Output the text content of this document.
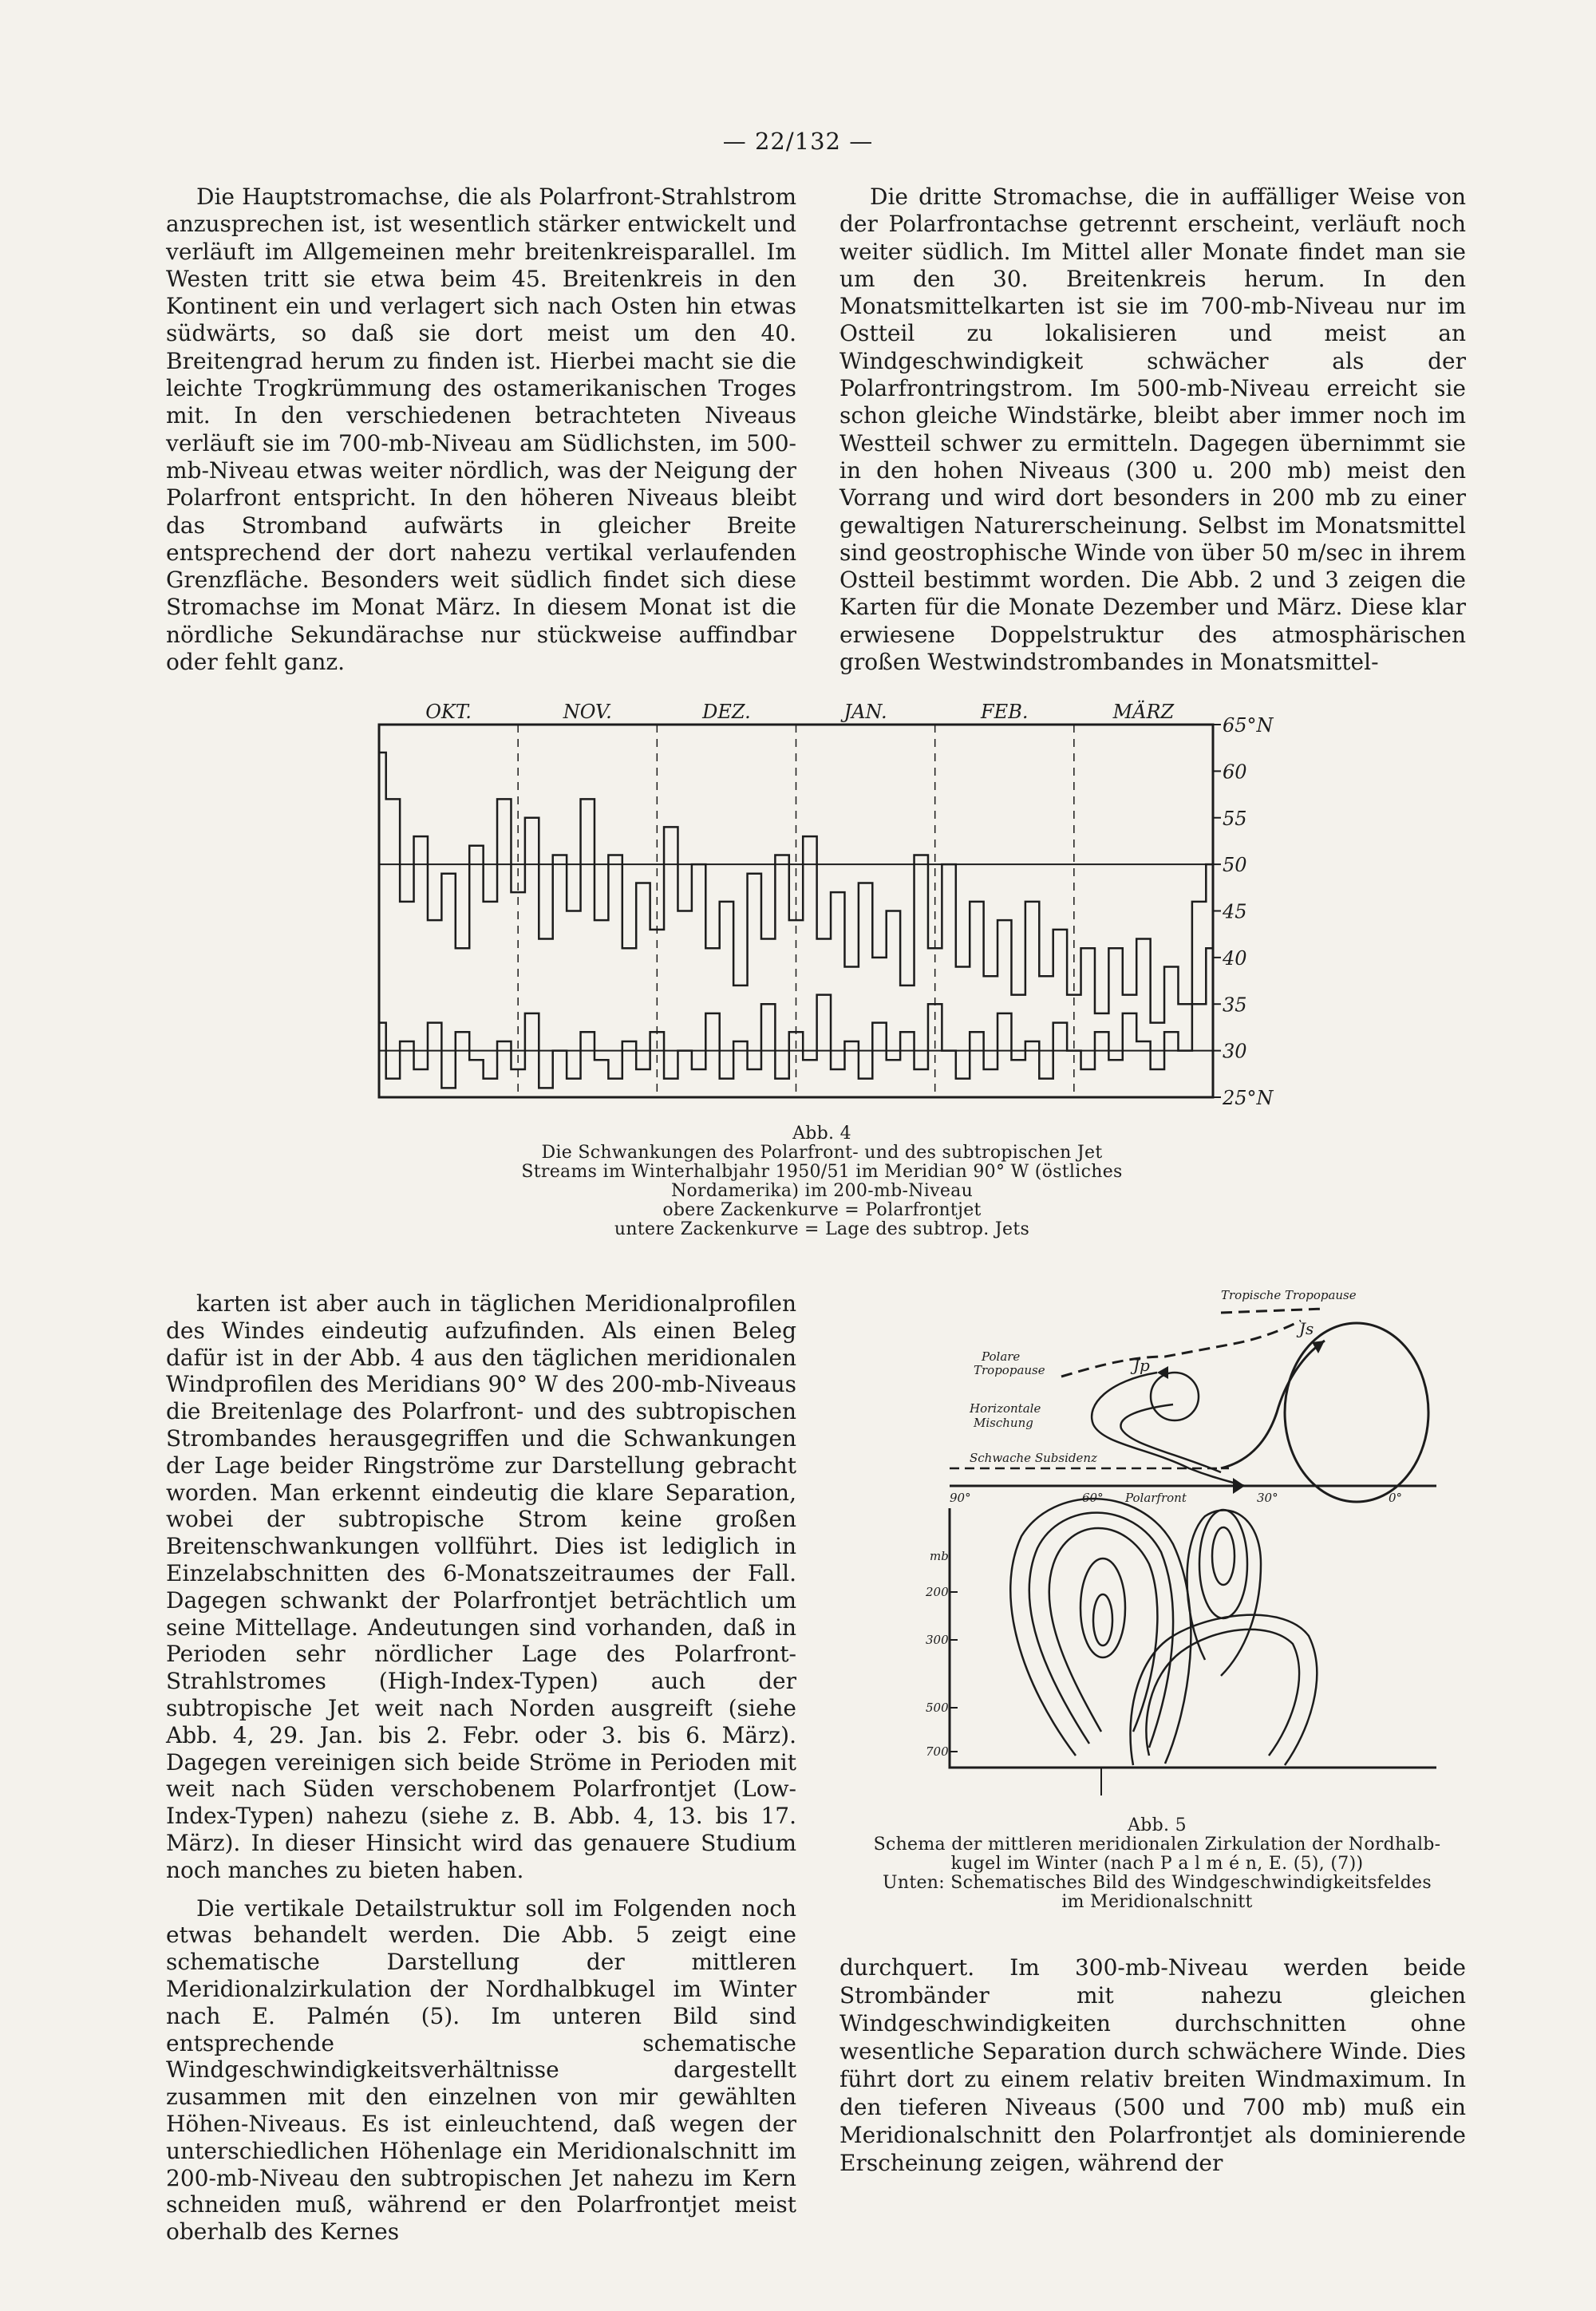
— 22/132 —

Die Hauptstromachse, die als Polarfront-Strahlstrom anzusprechen ist, ist wesentlich stärker entwickelt und verläuft im Allgemeinen mehr breitenkreisparallel. Im Westen tritt sie etwa beim 45. Breitenkreis in den Kontinent ein und verlagert sich nach Osten hin etwas südwärts, so daß sie dort meist um den 40. Breitengrad herum zu finden ist. Hierbei macht sie die leichte Trogkrümmung des ostamerikanischen Troges mit. In den verschiedenen betrachteten Niveaus verläuft sie im 700-mb-Niveau am Südlichsten, im 500-mb-Niveau etwas weiter nördlich, was der Neigung der Polarfront entspricht. In den höheren Niveaus bleibt das Stromband aufwärts in gleicher Breite entsprechend der dort nahezu vertikal verlaufenden Grenzfläche. Besonders weit südlich findet sich diese Stromachse im Monat März. In diesem Monat ist die nördliche Sekundärachse nur stückweise auffindbar oder fehlt ganz.

Die dritte Stromachse, die in auffälliger Weise von der Polarfrontachse getrennt erscheint, verläuft noch weiter südlich. Im Mittel aller Monate findet man sie um den 30. Breitenkreis herum. In den Monatsmittelkarten ist sie im 700-mb-Niveau nur im Ostteil zu lokalisieren und meist an Windgeschwindigkeit schwächer als der Polarfrontringstrom. Im 500-mb-Niveau erreicht sie schon gleiche Windstärke, bleibt aber immer noch im Westteil schwer zu ermitteln. Dagegen übernimmt sie in den hohen Niveaus (300 u. 200 mb) meist den Vorrang und wird dort besonders in 200 mb zu einer gewaltigen Naturerscheinung. Selbst im Monatsmittel sind geostrophische Winde von über 50 m/sec in ihrem Ostteil bestimmt worden. Die Abb. 2 und 3 zeigen die Karten für die Monate Dezember und März. Diese klar erwiesene Doppelstruktur des atmosphärischen großen Westwindstrombandes in Monatsmittel-

OKT.	NOV.	DEZ.	JAN.	FEB.	MÄRZ
65°N
60
55
50
45
40
35
30
25°N
Abb. 4
Die Schwankungen des Polarfront- und des subtropischen Jet
Streams im Winterhalbjahr 1950/51 im Meridian 90° W (östliches
Nordamerika) im 200-mb-Niveau
obere Zackenkurve = Polarfrontjet
untere Zackenkurve = Lage des subtrop. Jets

karten ist aber auch in täglichen Meridionalprofilen des Windes eindeutig aufzufinden. Als einen Beleg dafür ist in der Abb. 4 aus den täglichen meridionalen Windprofilen des Meridians 90° W des 200-mb-Niveaus die Breitenlage des Polarfront- und des subtropischen Strombandes herausgegriffen und die Schwankungen der Lage beider Ringströme zur Darstellung gebracht worden. Man erkennt eindeutig die klare Separation, wobei der subtropische Strom keine großen Breitenschwankungen vollführt. Dies ist lediglich in Einzelabschnitten des 6-Monatszeitraumes der Fall. Dagegen schwankt der Polarfrontjet beträchtlich um seine Mittellage. Andeutungen sind vorhanden, daß in Perioden sehr nördlicher Lage des Polarfront-Strahlstromes (High-Index-Typen) auch der subtropische Jet weit nach Norden ausgreift (siehe Abb. 4, 29. Jan. bis 2. Febr. oder 3. bis 6. März). Dagegen vereinigen sich beide Ströme in Perioden mit weit nach Süden verschobenem Polarfrontjet (Low-Index-Typen) nahezu (siehe z. B. Abb. 4, 13. bis 17. März). In dieser Hinsicht wird das genauere Studium noch manches zu bieten haben.

Die vertikale Detailstruktur soll im Folgenden noch etwas behandelt werden. Die Abb. 5 zeigt eine schematische Darstellung der mittleren Meridionalzirkulation der Nordhalbkugel im Winter nach E. Palmén (5). Im unteren Bild sind entsprechende schematische Windgeschwindigkeitsverhältnisse dargestellt zusammen mit den einzelnen von mir gewählten Höhen-Niveaus. Es ist einleuchtend, daß wegen der unterschiedlichen Höhenlage ein Meridionalschnitt im 200-mb-Niveau den subtropischen Jet nahezu im Kern schneiden muß, während er den Polarfrontjet meist oberhalb des Kernes

Tropische Tropopause
Polare
Tropopause
Horizontale
Mischung
Schwache Subsidenz
Jp
Js
90°	60° Polarfront	30°	0°
mb
200
300
500
700
Abb. 5
Schema der mittleren meridionalen Zirkulation der Nordhalb-
kugel im Winter (nach P a l m é n, E. (5), (7))
Unten: Schematisches Bild des Windgeschwindigkeitsfeldes
im Meridionalschnitt

durchquert. Im 300-mb-Niveau werden beide Strombänder mit nahezu gleichen Windgeschwindigkeiten durchschnitten ohne wesentliche Separation durch schwächere Winde. Dies führt dort zu einem relativ breiten Windmaximum. In den tieferen Niveaus (500 und 700 mb) muß ein Meridionalschnitt den Polarfrontjet als dominierende Erscheinung zeigen, während der
